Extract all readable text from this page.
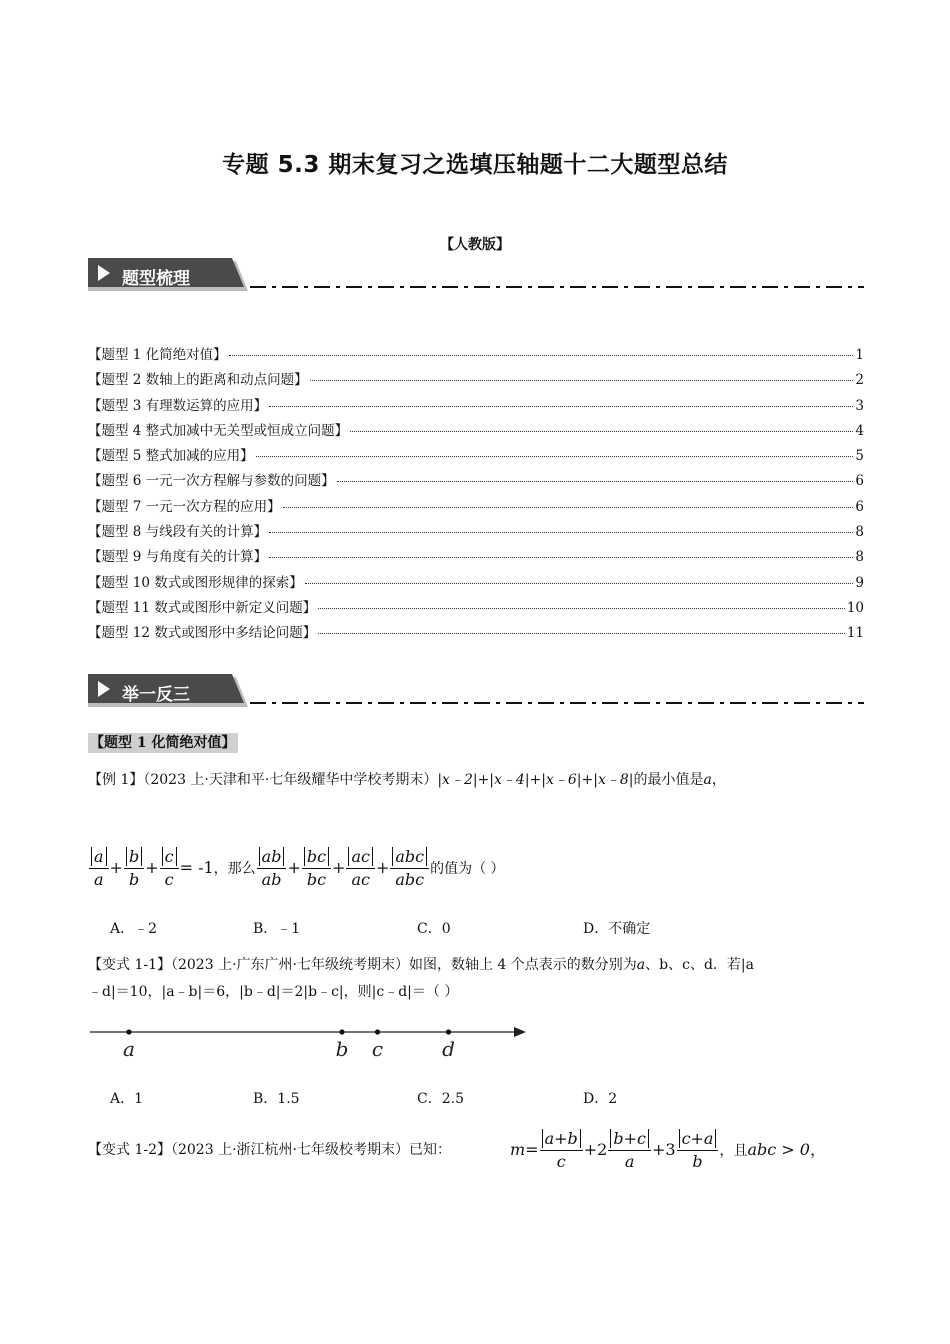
专题 5.3 期末复习之选填压轴题十二大题型总结
【人教版】
题型梳理
【题型 1 化简绝对值】	1
【题型 2 数轴上的距离和动点问题】	2
【题型 3 有理数运算的应用】	3
【题型 4 整式加减中无关型或恒成立问题】	4
【题型 5 整式加减的应用】	5
【题型 6 一元一次方程解与参数的问题】	6
【题型 7 一元一次方程的应用】	6
【题型 8 与线段有关的计算】	8
【题型 9 与角度有关的计算】	8
【题型 10 数式或图形规律的探索】	9
【题型 11 数式或图形中新定义问题】	10
【题型 12 数式或图形中多结论问题】	11
举一反三
【题型 1 化简绝对值】
【例 1】（2023 上·天津和平·七年级耀华中学校考期末）|x﹣2|+|x﹣4|+|x﹣6|+|x﹣8|的最小值是a，
$\frac{a}{a} + \frac{b}{b} + \frac{c}{c} = -1$，那么 $\frac{ab}{ab} + \frac{bc}{bc} + \frac{ac}{ac} + \frac{\text{abc}}{\text{abc}}$ 的值为（ ）
A．﹣2	B．﹣1	C．0	D．不确定
【变式 1-1】（2023 上·广东广州·七年级统考期末）如图，数轴上 4 个点表示的数分别为a、b、c、d．若|a
﹣d|＝10，|a﹣b|＝6，|b﹣d|＝2|b﹣c|，则|c﹣d|＝（ ）
a	b c	d
A．1	B．1.5	C．2.5	D．2
【变式 1-2】（2023 上·浙江杭州·七年级校考期末）已知：	$m= \frac{a+b}{c} +2 \frac{b+c}{a} +3 \frac{c+a}{b}$ ，且abc > 0，
